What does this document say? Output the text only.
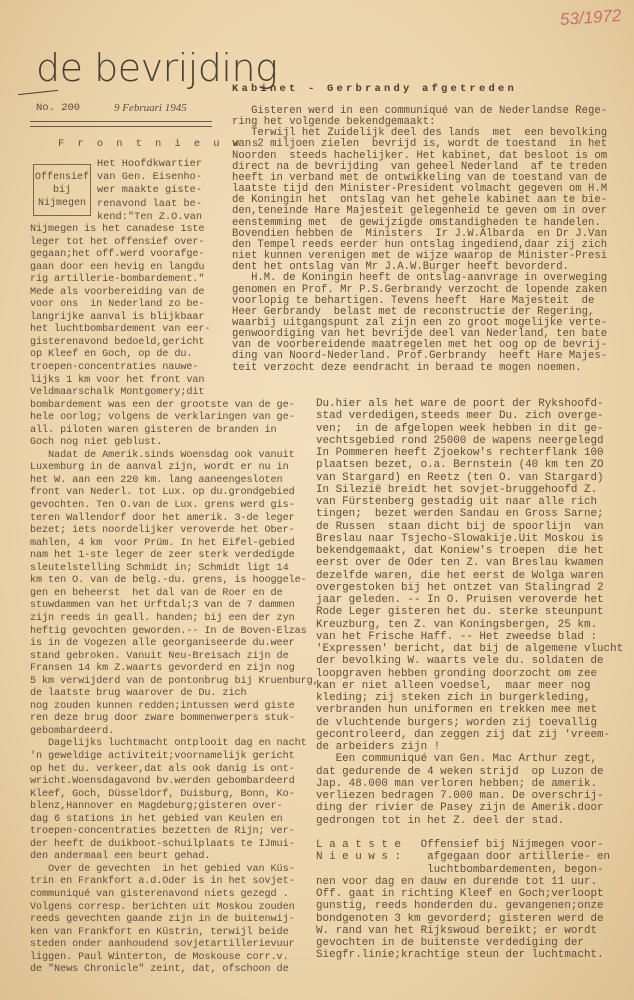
53/1972
de bevrijding
No. 200	9 Februari 1945
F r o n t n i e u w s
Offensief
bij
Nijmegen
Het Hoofdkwartier
van Gen. Eisenho-
wer maakte giste-
renavond laat be-
kend:"Ten Z.O.van
Nijmegen is het canadese 1ste
leger tot het offensief over-
gegaan;het off.werd voorafge-
gaan door een hevig en langdu
rig artillerie-bombardement."
Mede als voorbereiding van de
voor ons  in Nederland zo be-
langrijke aanval is blijkbaar
het luchtbombardement van eer-
gisterenavond bedoeld,gericht
op Kleef en Goch, op de du.
troepen-concentraties nauwe-
lijks 1 km voor het front van
Veldmaarschalk Montgomery;dit
bombardement was een der grootste van de ge-
hele oorlog; volgens de verklaringen van ge-
all. piloten waren gisteren de branden in
Goch nog niet geblust.
Nadat de Amerik.sinds Woensdag ook vanuit
Luxemburg in de aanval zijn, wordt er nu in
het W. aan een 220 km. lang aaneengesloten
front van Nederl. tot Lux. op du.grondgebied
gevochten. Ten O.van de Lux. grens werd gis-
teren Wallendorf door het amerik. 3-de leger
bezet; iets noordelijker veroverde het Ober-
mahlen, 4 km  voor Prüm. In het Eifel-gebied
nam het 1-ste leger de zeer sterk verdedigde
sleutelstelling Schmidt in; Schmidt ligt 14
km ten O. van de belg.-du. grens, is hooggele-
gen en beheerst  het dal van de Roer en de
stuwdammen van het Urftdal;3 van de 7 dammen
zijn reeds in geall. handen; bij een der zyn
heftig gevochten geworden.-- In de Boven-Elzas
is in de Vogezen alle georganiseerde du.weer
stand gebroken. Vanuit Neu-Breisach zijn de
Fransen 14 km Z.waarts gevorderd en zijn nog
5 km verwijderd van de pontonbrug bij Kruenburg,
de laatste brug waarover de Du. zich
nog zouden kunnen redden;intussen werd giste
ren deze brug door zware bommenwerpers stuk-
gebombardeerd.
Dagelijks luchtmacht ontplooit dag en nacht
'n geweldige activiteit;voornamelijk gericht
op het du. verkeer,dat als ook danig is ont-
wricht.Woensdagavond bv.werden gebombardeerd
Kleef, Goch, Düsseldorf, Duisburg, Bonn, Ko-
blenz,Hannover en Magdeburg;gisteren over-
dag 6 stations in het gebied van Keulen en
troepen-concentraties bezetten de Rijn; ver-
der heeft de duikboot-schuilplaats te IJmui-
den andermaal een beurt gehad.
Over de gevechten  in het gebied van Küs-
trin en Frankfort a.d.Oder is in het sovjet-
communiqué van gisterenavond niets gezegd .
Volgens corresp. berichten uit Moskou zouden
reeds gevechten gaande zijn in de buitenwij-
ken van Frankfort en Küstrin, terwijl beide
steden onder aanhoudend sovjetartillerievuur
liggen. Paul Winterton, de Moskouse corr.v.
de "News Chronicle" zeint, dat, ofschoon de
Kabinet - Gerbrandy afgetreden
Gisteren werd in een communiqué van de Nederlandse Rege-
ring het volgende bekendgemaakt:
Terwijl het Zuidelijk deel des lands  met  een bevolking
van 2 miljoen zielen  bevrijd is, wordt de toestand  in het
Noorden  steeds hachelijker. Het kabinet, dat besloot is om
direct na de bevrijding  van geheel Nederland  af te treden
heeft in verband met de ontwikkeling van de toestand van de
laatste tijd den Minister-President volmacht gegeven om H.M
de Koningin het  ontslag van het gehele kabinet aan te bie-
den,teneinde Hare Majesteit gelegenheid te geven om in over
eenstemming met  de gewijzigde omstandigheden te handelen.
Bovendien hebben de  Ministers  Ir J.W.Albarda  en Dr J.Van
den Tempel reeds eerder hun ontslag ingediend,daar zij zich
niet kunnen verenigen met de wijze waarop de Minister-Presi
dent het ontslag van Mr J.A.W.Burger heeft bevorderd.
H.M. de Koningin heeft de ontslag-aanvrage in overweging
genomen en Prof. Mr P.S.Gerbrandy verzocht de lopende zaken
voorlopig te behartigen. Tevens heeft  Hare Majesteit  de
Heer Gerbrandy  belast met de reconstructie der Regering,
waarbij uitgangspunt zal zijn een zo groot mogelijke verte-
genwoordiging van het bevrijde deel van Nederland, ten bate
van de voorbereidende maatregelen met het oog op de bevrij-
ding van Noord-Nederland. Prof.Gerbrandy  heeft Hare Majes-
teit verzocht deze eendracht in beraad te mogen noemen.
Du.hier als het ware de poort der Rykshoofd-
stad verdedigen,steeds meer Du. zich overge-
ven;  in de afgelopen week hebben in dit ge-
vechtsgebied rond 25000 de wapens neergelegd
In Pommeren heeft Zjoekow's rechterflank 100
plaatsen bezet, o.a. Bernstein (40 km ten ZO
van Stargard) en Reetz (ten O. van Stargard)
In Silezië breidt het sovjet-bruggehoofd Z.
van Fürstenberg gestadig uit naar alle rich
tingen;  bezet werden Sandau en Gross Sarne;
de Russen  staan dicht bij de spoorlijn  van
Breslau naar Tsjecho-Slowakije.Uit Moskou is
bekendgemaakt, dat Koniew's troepen  die het
eerst over de Oder ten Z. van Breslau kwamen
dezelfde waren, die het eerst de Wolga waren
overgestoken bij het ontzet van Stalingrad 2
jaar geleden. -- In O. Pruisen veroverde het
Rode Leger gisteren het du. sterke steunpunt
Kreuzburg, ten Z. van Koningsbergen, 25 km.
van het Frische Haff. -- Het zweedse blad :
'Expressen' bericht, dat bij de algemene vlucht
der bevolking W. waarts vele du. soldaten de
loopgraven hebben gronding doorzocht om zee
kan er niet alleen voedsel,  maar meer nog
kleding; zij steken zich in burgerkleding,
verbranden hun uniformen en trekken mee met
de vluchtende burgers; worden zij toevallig
gecontroleerd, dan zeggen zij dat zij 'vreem-
de arbeiders zijn !
Een communiqué van Gen. Mac Arthur zegt,
dat gedurende de 4 weken strijd  op Luzon de
Jap. 48.000 man verloren hebben; de amerik.
verliezen bedragen 7.000 man. De overschrij-
ding der rivier de Pasey zijn de Amerik.door
gedrongen tot in het Z. deel der stad.

L a a t s t e   Offensief bij Nijmegen voor-
N i e u w s :    afgegaan door artillerie- en
luchtbombardementen, begon-
nen voor dag en dauw en durende tot 11 uur.
Off. gaat in richting Kleef en Goch;verloopt
gunstig, reeds honderden du. gevangenen;onze
bondgenoten 3 km gevorderd; gisteren werd de
W. rand van het Rijkswoud bereikt; er wordt
gevochten in de buitenste verdediging der
Siegfr.linie;krachtige steun der luchtmacht.
